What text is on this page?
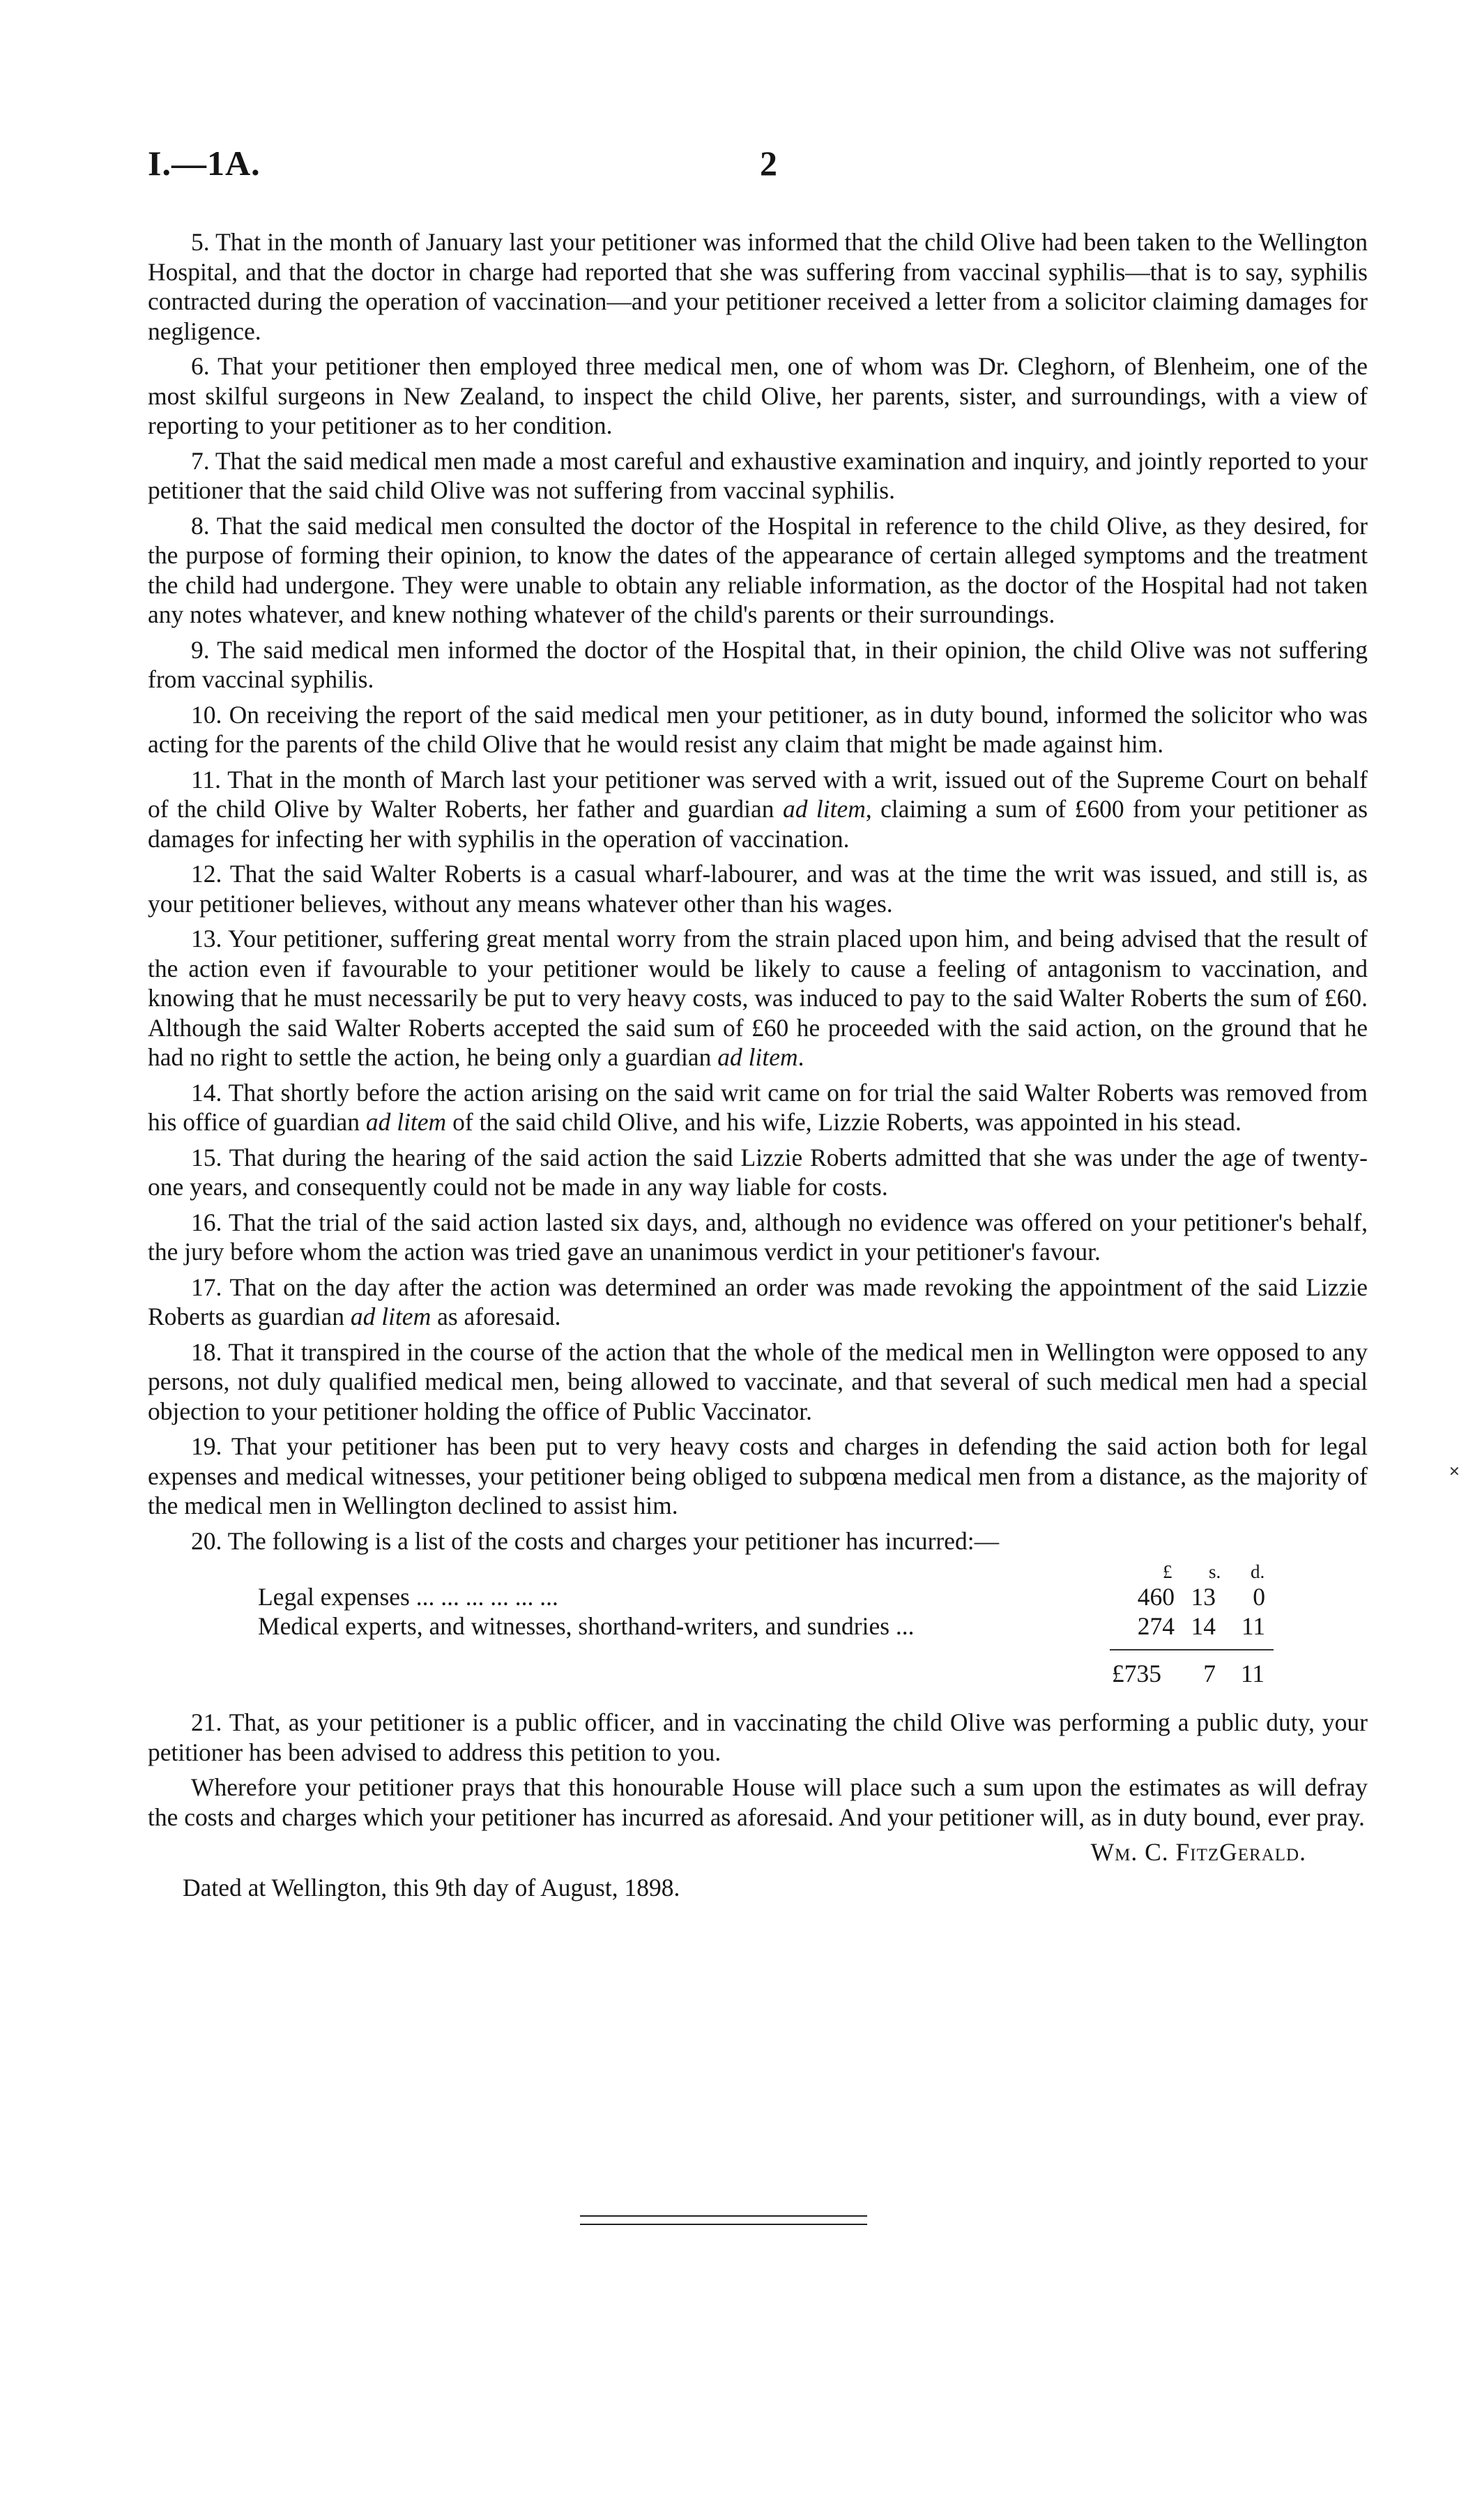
I.—1A.	2

5. That in the month of January last your petitioner was informed that the child Olive had been taken to the Wellington Hospital, and that the doctor in charge had reported that she was suffering from vaccinal syphilis—that is to say, syphilis contracted during the operation of vaccination—and your petitioner received a letter from a solicitor claiming damages for negligence.

6. That your petitioner then employed three medical men, one of whom was Dr. Cleghorn, of Blenheim, one of the most skilful surgeons in New Zealand, to inspect the child Olive, her parents, sister, and surroundings, with a view of reporting to your petitioner as to her condition.

7. That the said medical men made a most careful and exhaustive examination and inquiry, and jointly reported to your petitioner that the said child Olive was not suffering from vaccinal syphilis.

8. That the said medical men consulted the doctor of the Hospital in reference to the child Olive, as they desired, for the purpose of forming their opinion, to know the dates of the appearance of certain alleged symptoms and the treatment the child had undergone. They were unable to obtain any reliable information, as the doctor of the Hospital had not taken any notes whatever, and knew nothing whatever of the child's parents or their surroundings.

9. The said medical men informed the doctor of the Hospital that, in their opinion, the child Olive was not suffering from vaccinal syphilis.

10. On receiving the report of the said medical men your petitioner, as in duty bound, informed the solicitor who was acting for the parents of the child Olive that he would resist any claim that might be made against him.

11. That in the month of March last your petitioner was served with a writ, issued out of the Supreme Court on behalf of the child Olive by Walter Roberts, her father and guardian ad litem, claiming a sum of £600 from your petitioner as damages for infecting her with syphilis in the operation of vaccination.

12. That the said Walter Roberts is a casual wharf-labourer, and was at the time the writ was issued, and still is, as your petitioner believes, without any means whatever other than his wages.

13. Your petitioner, suffering great mental worry from the strain placed upon him, and being advised that the result of the action even if favourable to your petitioner would be likely to cause a feeling of antagonism to vaccination, and knowing that he must necessarily be put to very heavy costs, was induced to pay to the said Walter Roberts the sum of £60. Although the said Walter Roberts accepted the said sum of £60 he proceeded with the said action, on the ground that he had no right to settle the action, he being only a guardian ad litem.

14. That shortly before the action arising on the said writ came on for trial the said Walter Roberts was removed from his office of guardian ad litem of the said child Olive, and his wife, Lizzie Roberts, was appointed in his stead.

15. That during the hearing of the said action the said Lizzie Roberts admitted that she was under the age of twenty-one years, and consequently could not be made in any way liable for costs.

16. That the trial of the said action lasted six days, and, although no evidence was offered on your petitioner's behalf, the jury before whom the action was tried gave an unanimous verdict in your petitioner's favour.

17. That on the day after the action was determined an order was made revoking the appointment of the said Lizzie Roberts as guardian ad litem as aforesaid.

18. That it transpired in the course of the action that the whole of the medical men in Wellington were opposed to any persons, not duly qualified medical men, being allowed to vaccinate, and that several of such medical men had a special objection to your petitioner holding the office of Public Vaccinator.

19. That your petitioner has been put to very heavy costs and charges in defending the said action both for legal expenses and medical witnesses, your petitioner being obliged to subpœna medical men from a distance, as the majority of the medical men in Wellington declined to assist him.

20. The following is a list of the costs and charges your petitioner has incurred:—

£ s. d.
Legal expenses ... ... ... ... ... ...	460 13	0
Medical experts, and witnesses, shorthand-writers, and sundries ...	274 14	11
£735	7	11

21. That, as your petitioner is a public officer, and in vaccinating the child Olive was performing a public duty, your petitioner has been advised to address this petition to you.

Wherefore your petitioner prays that this honourable House will place such a sum upon the estimates as will defray the costs and charges which your petitioner has incurred as aforesaid. And your petitioner will, as in duty bound, ever pray.

Wm. C. FitzGerald.

Dated at Wellington, this 9th day of August, 1898.

✕
